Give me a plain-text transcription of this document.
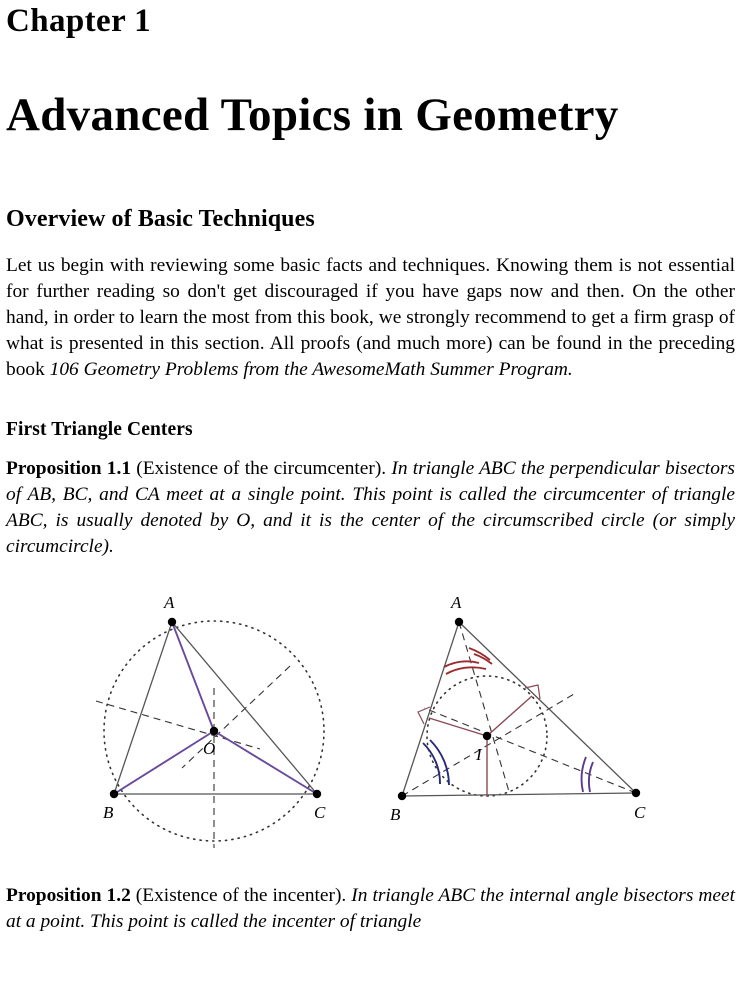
Chapter 1
Advanced Topics in Geometry
Overview of Basic Techniques

Let us begin with reviewing some basic facts and techniques. Knowing them is not essential for further reading so don't get discouraged if you have gaps now and then. On the other hand, in order to learn the most from this book, we strongly recommend to get a firm grasp of what is presented in this section. All proofs (and much more) can be found in the preceding book 106 Geometry Problems from the AwesomeMath Summer Program.

First Triangle Centers

Proposition 1.1 (Existence of the circumcenter). In triangle ABC the perpendicular bisectors of AB, BC, and CA meet at a single point. This point is called the circumcenter of triangle ABC, is usually denoted by O, and it is the center of the circumscribed circle (or simply circumcircle).

A
B	C
O
A
B	C
I

Proposition 1.2 (Existence of the incenter). In triangle ABC the internal angle bisectors meet at a point. This point is called the incenter of triangle
